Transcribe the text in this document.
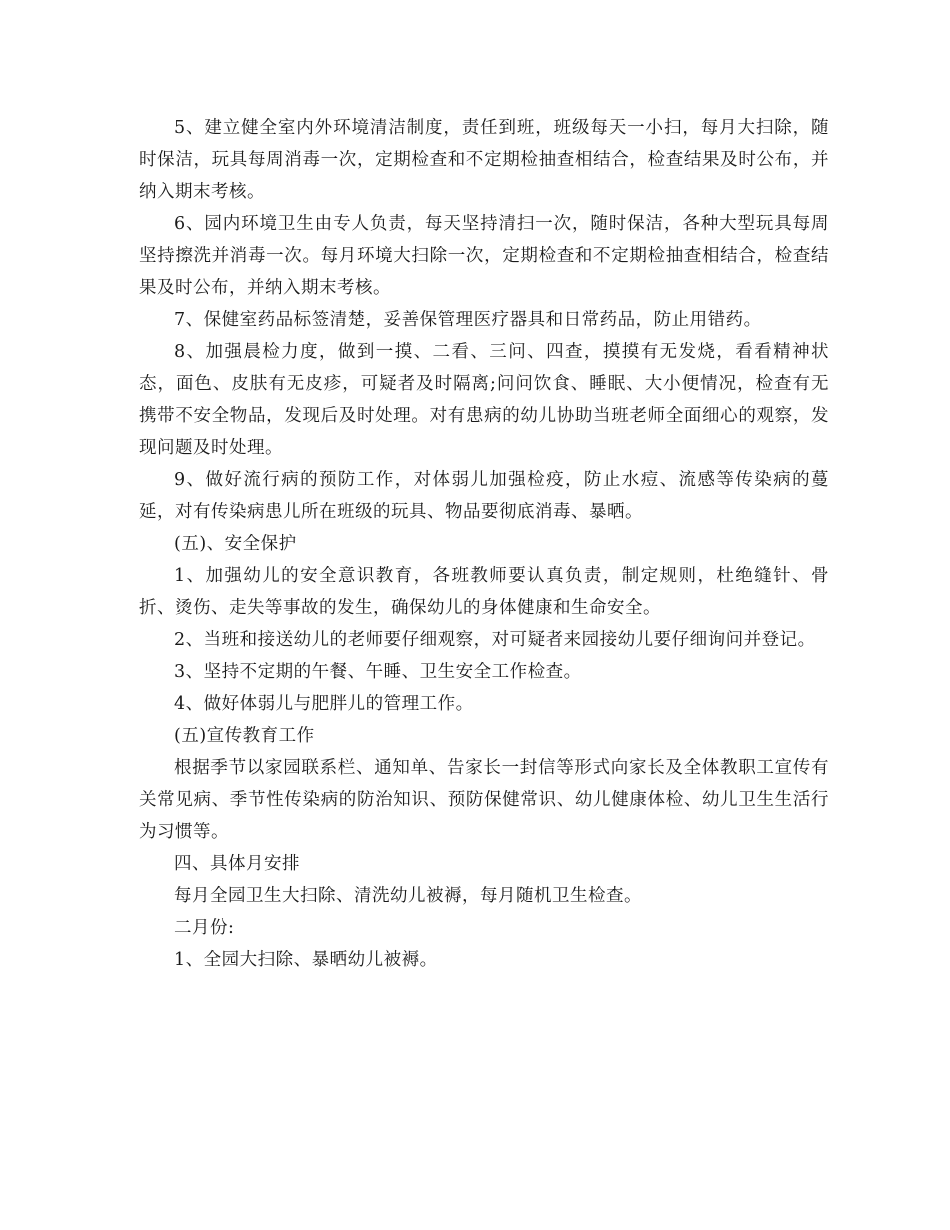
5、建立健全室内外环境清洁制度，责任到班，班级每天一小扫，每月大扫除，随时保洁，玩具每周消毒一次，定期检查和不定期检抽查相结合，检查结果及时公布，并纳入期末考核。

6、园内环境卫生由专人负责，每天坚持清扫一次，随时保洁，各种大型玩具每周坚持擦洗并消毒一次。每月环境大扫除一次，定期检查和不定期检抽查相结合，检查结果及时公布，并纳入期末考核。

7、保健室药品标签清楚，妥善保管理医疗器具和日常药品，防止用错药。

8、加强晨检力度，做到一摸、二看、三问、四查，摸摸有无发烧，看看精神状态，面色、皮肤有无皮疹，可疑者及时隔离;问问饮食、睡眠、大小便情况，检查有无携带不安全物品，发现后及时处理。对有患病的幼儿协助当班老师全面细心的观察，发现问题及时处理。

9、做好流行病的预防工作，对体弱儿加强检疫，防止水痘、流感等传染病的蔓延，对有传染病患儿所在班级的玩具、物品要彻底消毒、暴晒。

(五)、安全保护

1、加强幼儿的安全意识教育，各班教师要认真负责，制定规则，杜绝缝针、骨折、烫伤、走失等事故的发生，确保幼儿的身体健康和生命安全。

2、当班和接送幼儿的老师要仔细观察，对可疑者来园接幼儿要仔细询问并登记。

3、坚持不定期的午餐、午睡、卫生安全工作检查。

4、做好体弱儿与肥胖儿的管理工作。

(五)宣传教育工作

根据季节以家园联系栏、通知单、告家长一封信等形式向家长及全体教职工宣传有关常见病、季节性传染病的防治知识、预防保健常识、幼儿健康体检、幼儿卫生生活行为习惯等。

四、具体月安排

每月全园卫生大扫除、清洗幼儿被褥，每月随机卫生检查。

二月份:

1、全园大扫除、暴晒幼儿被褥。
